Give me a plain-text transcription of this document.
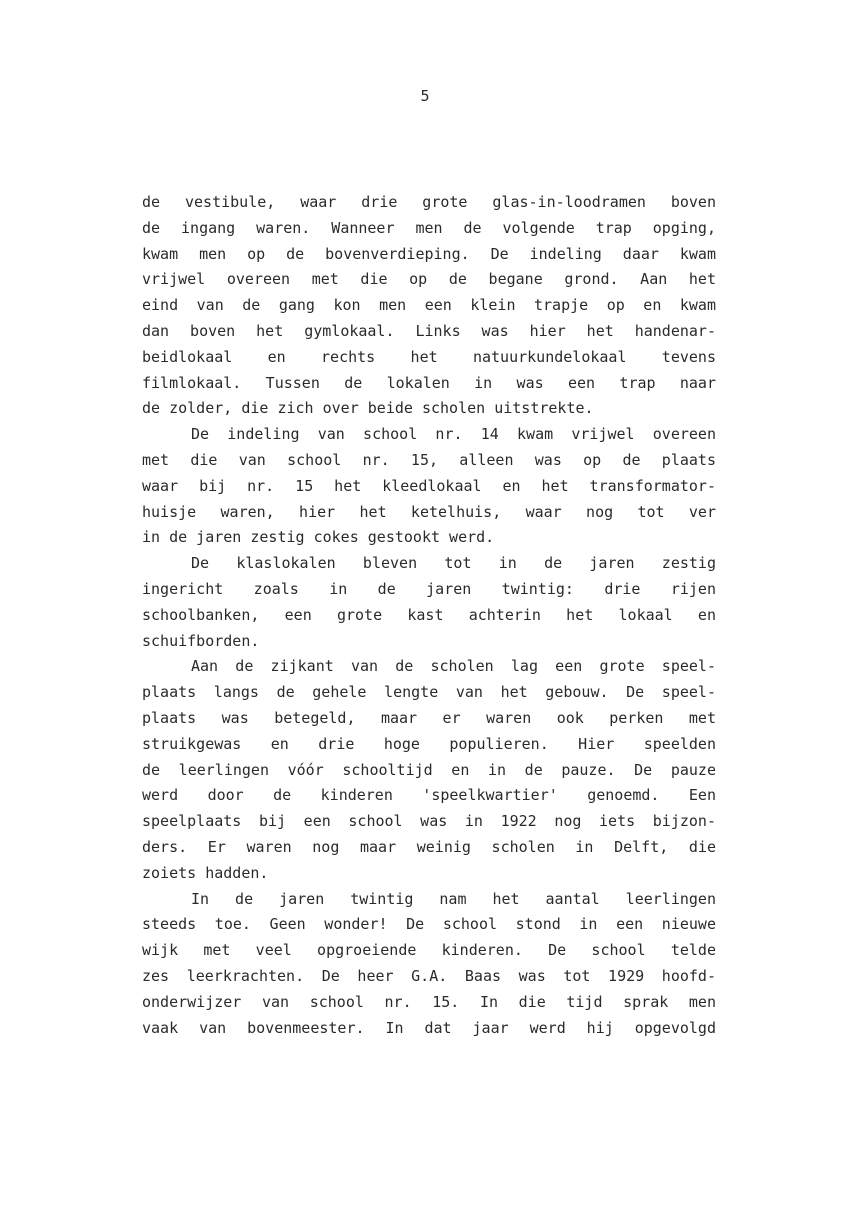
5
de vestibule, waar drie grote glas-in-loodramen boven
de ingang waren. Wanneer men de volgende trap opging,
kwam men op de bovenverdieping. De indeling daar kwam
vrijwel overeen met die op de begane grond. Aan het
eind van de gang kon men een klein trapje op en kwam
dan boven het gymlokaal. Links was hier het handenar-
beidlokaal en rechts het natuurkundelokaal tevens
filmlokaal. Tussen de lokalen in was een trap naar
de zolder, die zich over beide scholen uitstrekte.
De indeling van school nr. 14 kwam vrijwel overeen
met die van school nr. 15, alleen was op de plaats
waar bij nr. 15 het kleedlokaal en het transformator-
huisje waren, hier het ketelhuis, waar nog tot ver
in de jaren zestig cokes gestookt werd.
De klaslokalen bleven tot in de jaren zestig
ingericht zoals in de jaren twintig: drie rijen
schoolbanken, een grote kast achterin het lokaal en
schuifborden.
Aan de zijkant van de scholen lag een grote speel-
plaats langs de gehele lengte van het gebouw. De speel-
plaats was betegeld, maar er waren ook perken met
struikgewas en drie hoge populieren. Hier speelden
de leerlingen vóór schooltijd en in de pauze. De pauze
werd door de kinderen 'speelkwartier' genoemd. Een
speelplaats bij een school was in 1922 nog iets bijzon-
ders. Er waren nog maar weinig scholen in Delft, die
zoiets hadden.
In de jaren twintig nam het aantal leerlingen
steeds toe. Geen wonder! De school stond in een nieuwe
wijk met veel opgroeiende kinderen. De school telde
zes leerkrachten. De heer G.A. Baas was tot 1929 hoofd-
onderwijzer van school nr. 15. In die tijd sprak men
vaak van bovenmeester. In dat jaar werd hij opgevolgd
